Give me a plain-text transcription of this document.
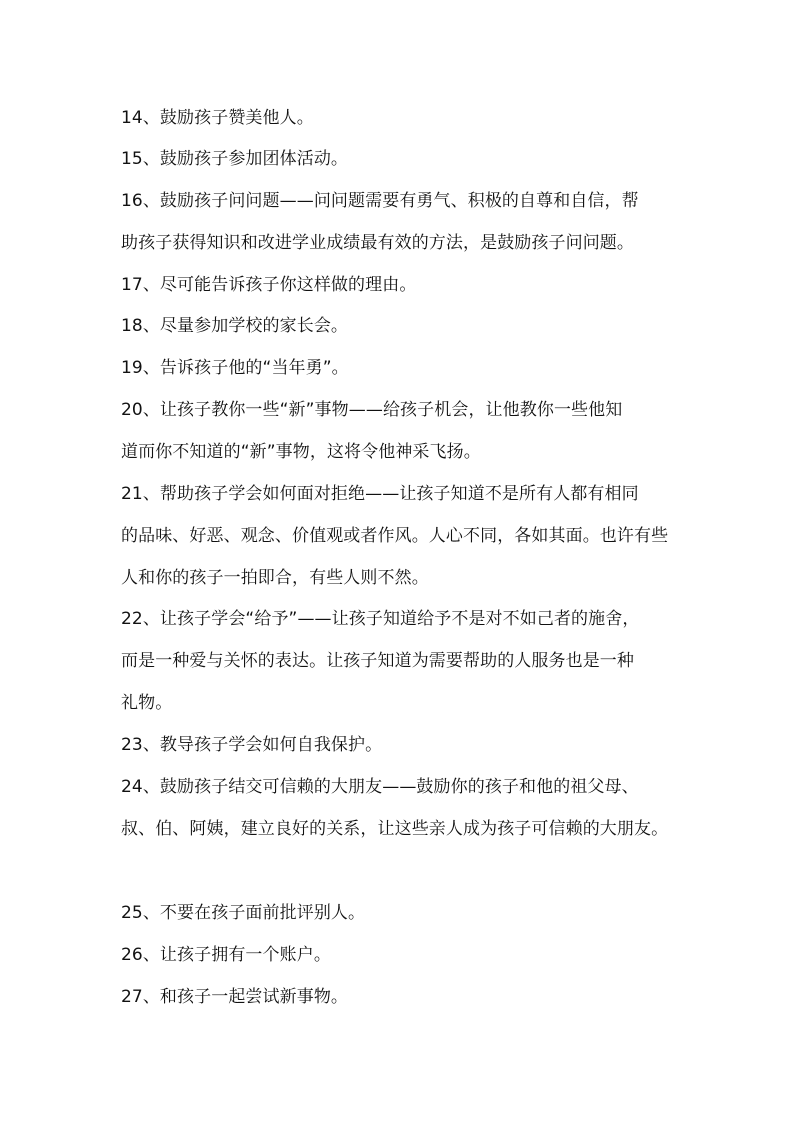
14、鼓励孩子赞美他人。
15、鼓励孩子参加团体活动。
16、鼓励孩子问问题——问问题需要有勇气、积极的自尊和自信，帮
助孩子获得知识和改进学业成绩最有效的方法，是鼓励孩子问问题。
17、尽可能告诉孩子你这样做的理由。
18、尽量参加学校的家长会。
19、告诉孩子他的“当年勇”。
20、让孩子教你一些“新”事物——给孩子机会，让他教你一些他知
道而你不知道的“新”事物，这将令他神采飞扬。
21、帮助孩子学会如何面对拒绝——让孩子知道不是所有人都有相同
的品味、好恶、观念、价值观或者作风。人心不同，各如其面。也许有些
人和你的孩子一拍即合，有些人则不然。
22、让孩子学会“给予”——让孩子知道给予不是对不如己者的施舍，
而是一种爱与关怀的表达。让孩子知道为需要帮助的人服务也是一种
礼物。
23、教导孩子学会如何自我保护。
24、鼓励孩子结交可信赖的大朋友——鼓励你的孩子和他的祖父母、
叔、伯、阿姨，建立良好的关系，让这些亲人成为孩子可信赖的大朋友。
25、不要在孩子面前批评别人。
26、让孩子拥有一个账户。
27、和孩子一起尝试新事物。
